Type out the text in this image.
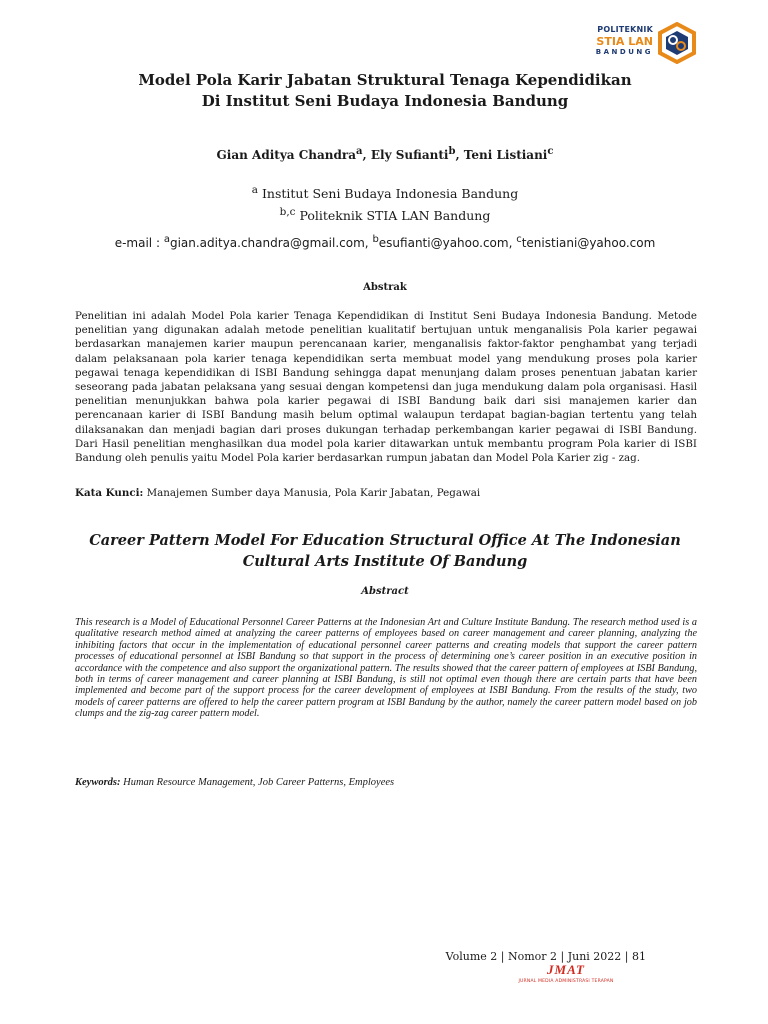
POLITEKNIK
STIA LAN
BANDUNG
Model Pola Karir Jabatan Struktural Tenaga Kependidikan
Di Institut Seni Budaya Indonesia Bandung
Gian Aditya Chandra$^a$, Ely Sufianti$^b$, Teni Listiani$^c$
$^a$ Institut Seni Budaya Indonesia Bandung
$^{b,c}$ Politeknik STIA LAN Bandung
e-mail : $^a$gian.aditya.chandra@gmail.com, $^b$esufianti@yahoo.com, $^c$tenistiani@yahoo.com
Abstrak
Penelitian ini adalah Model Pola karier Tenaga Kependidikan di Institut Seni Budaya Indonesia Bandung. Metode penelitian yang digunakan adalah metode penelitian kualitatif bertujuan untuk menganalisis Pola karier pegawai berdasarkan manajemen karier maupun perencanaan karier, menganalisis faktor-faktor penghambat yang terjadi dalam pelaksanaan pola karier tenaga kependidikan serta membuat model yang mendukung proses pola karier pegawai tenaga kependidikan di ISBI Bandung sehingga dapat menunjang dalam proses penentuan jabatan karier seseorang pada jabatan pelaksana yang sesuai dengan kompetensi dan juga mendukung dalam pola organisasi. Hasil penelitian menunjukkan bahwa pola karier pegawai di ISBI Bandung baik dari sisi manajemen karier dan perencanaan karier di ISBI Bandung masih belum optimal walaupun terdapat bagian-bagian tertentu yang telah dilaksanakan dan menjadi bagian dari proses dukungan terhadap perkembangan karier pegawai di ISBI Bandung. Dari Hasil penelitian menghasilkan dua model pola karier ditawarkan untuk membantu program Pola karier di ISBI Bandung oleh penulis yaitu Model Pola karier berdasarkan rumpun jabatan dan Model Pola Karier zig - zag.
Kata Kunci: Manajemen Sumber daya Manusia, Pola Karir Jabatan, Pegawai
Career Pattern Model For Education Structural Office At The Indonesian
Cultural Arts Institute Of Bandung
Abstract
This research is a Model of Educational Personnel Career Patterns at the Indonesian Art and Culture Institute Bandung. The research method used is a qualitative research method aimed at analyzing the career patterns of employees based on career management and career planning, analyzing the inhibiting factors that occur in the implementation of educational personnel career patterns and creating models that support the career pattern processes of educational personnel at ISBI Bandung so that support in the process of determining one’s career position in an executive position in accordance with the competence and also support the organizational pattern. The results showed that the career pattern of employees at ISBI Bandung, both in terms of career management and career planning at ISBI Bandung, is still not optimal even though there are certain parts that have been implemented and become part of the support process for the career development of employees at ISBI Bandung. From the results of the study, two models of career patterns are offered to help the career pattern program at ISBI Bandung by the author, namely the career pattern model based on job clumps and the zig-zag career pattern model.
Keywords: Human Resource Management, Job Career Patterns, Employees
Volume 2 | Nomor 2 | Juni 2022 | 81
JMAT
JURNAL MEDIA ADMINISTRASI TERAPAN
